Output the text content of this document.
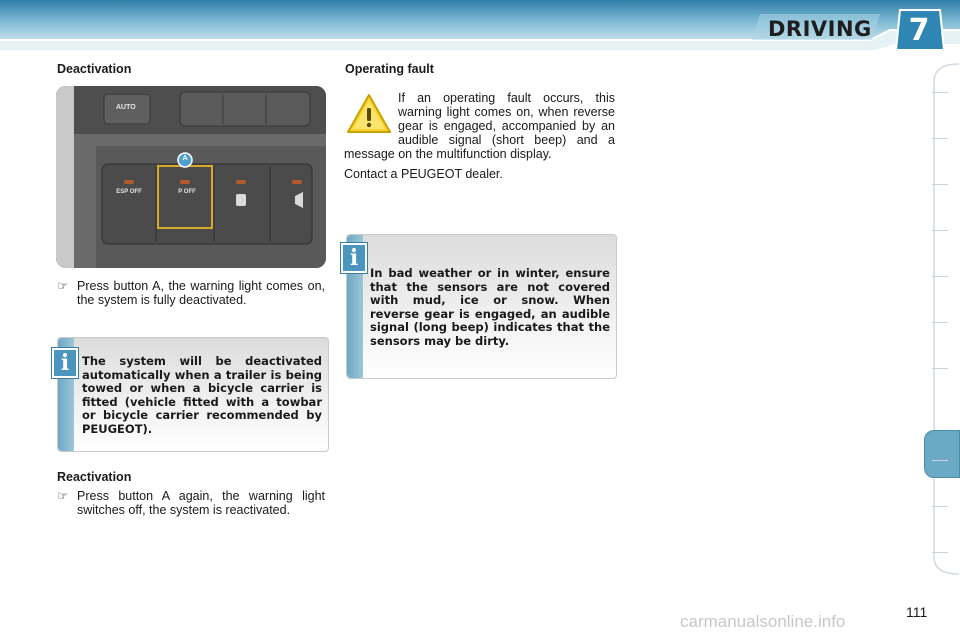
DRIVING 7
Deactivation
AUTO
ESP OFF	P OFF
A
☞ Press button A, the warning light comes on, the system is fully deactivated.
The system will be deactivated automatically when a trailer is being towed or when a bicycle carrier is fitted (vehicle fitted with a towbar or bicycle carrier recommended by PEUGEOT).
i
Reactivation
☞ Press button A again, the warning light switches off, the system is reactivated.
Operating fault

If an operating fault occurs, this warning light comes on, when reverse gear is engaged, accompanied by an audible signal (short beep) and a message on the multifunction display.

Contact a PEUGEOT dealer.

In bad weather or in winter, ensure that the sensors are not covered with mud, ice or snow. When reverse gear is engaged, an audible signal (long beep) indicates that the sensors may be dirty.
i
carmanualsonline.info	111
